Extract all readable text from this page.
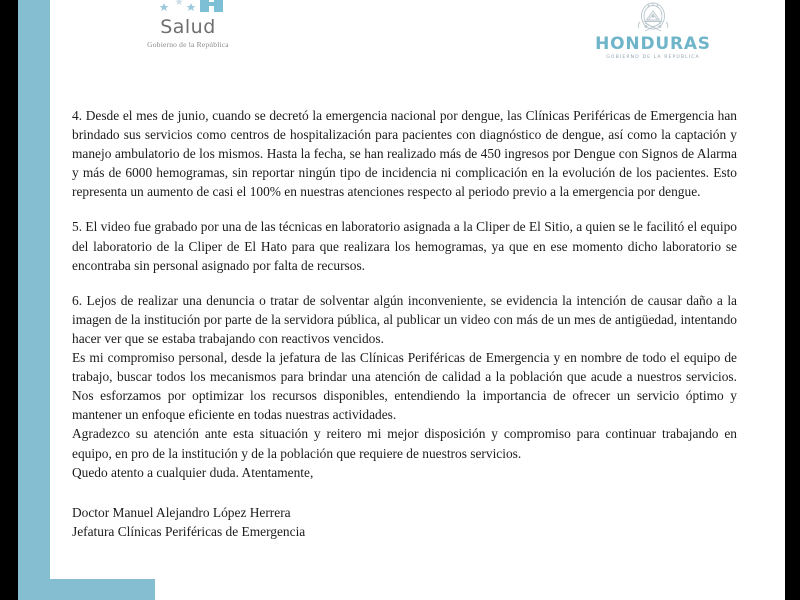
Salud
Gobierno de la República	HONDURAS
GOBIERNO DE LA REPÚBLICA

4. Desde el mes de junio, cuando se decretó la emergencia nacional por dengue, las Clínicas Periféricas de Emergencia han brindado sus servicios como centros de hospitalización para pacientes con diagnóstico de dengue, así como la captación y manejo ambulatorio de los mismos. Hasta la fecha, se han realizado más de 450 ingresos por Dengue con Signos de Alarma y más de 6000 hemogramas, sin reportar ningún tipo de incidencia ni complicación en la evolución de los pacientes. Esto representa un aumento de casi el 100% en nuestras atenciones respecto al periodo previo a la emergencia por dengue.

5. El video fue grabado por una de las técnicas en laboratorio asignada a la Cliper de El Sitio, a quien se le facilitó el equipo del laboratorio de la Cliper de El Hato para que realizara los hemogramas, ya que en ese momento dicho laboratorio se encontraba sin personal asignado por falta de recursos.

6. Lejos de realizar una denuncia o tratar de solventar algún inconveniente, se evidencia la intención de causar daño a la imagen de la institución por parte de la servidora pública, al publicar un video con más de un mes de antigüedad, intentando hacer ver que se estaba trabajando con reactivos vencidos.

Es mi compromiso personal, desde la jefatura de las Clínicas Periféricas de Emergencia y en nombre de todo el equipo de trabajo, buscar todos los mecanismos para brindar una atención de calidad a la población que acude a nuestros servicios. Nos esforzamos por optimizar los recursos disponibles, entendiendo la importancia de ofrecer un servicio óptimo y mantener un enfoque eficiente en todas nuestras actividades.

Agradezco su atención ante esta situación y reitero mi mejor disposición y compromiso para continuar trabajando en equipo, en pro de la institución y de la población que requiere de nuestros servicios.

Quedo atento a cualquier duda. Atentamente,

Doctor Manuel Alejandro López Herrera
Jefatura Clínicas Periféricas de Emergencia
